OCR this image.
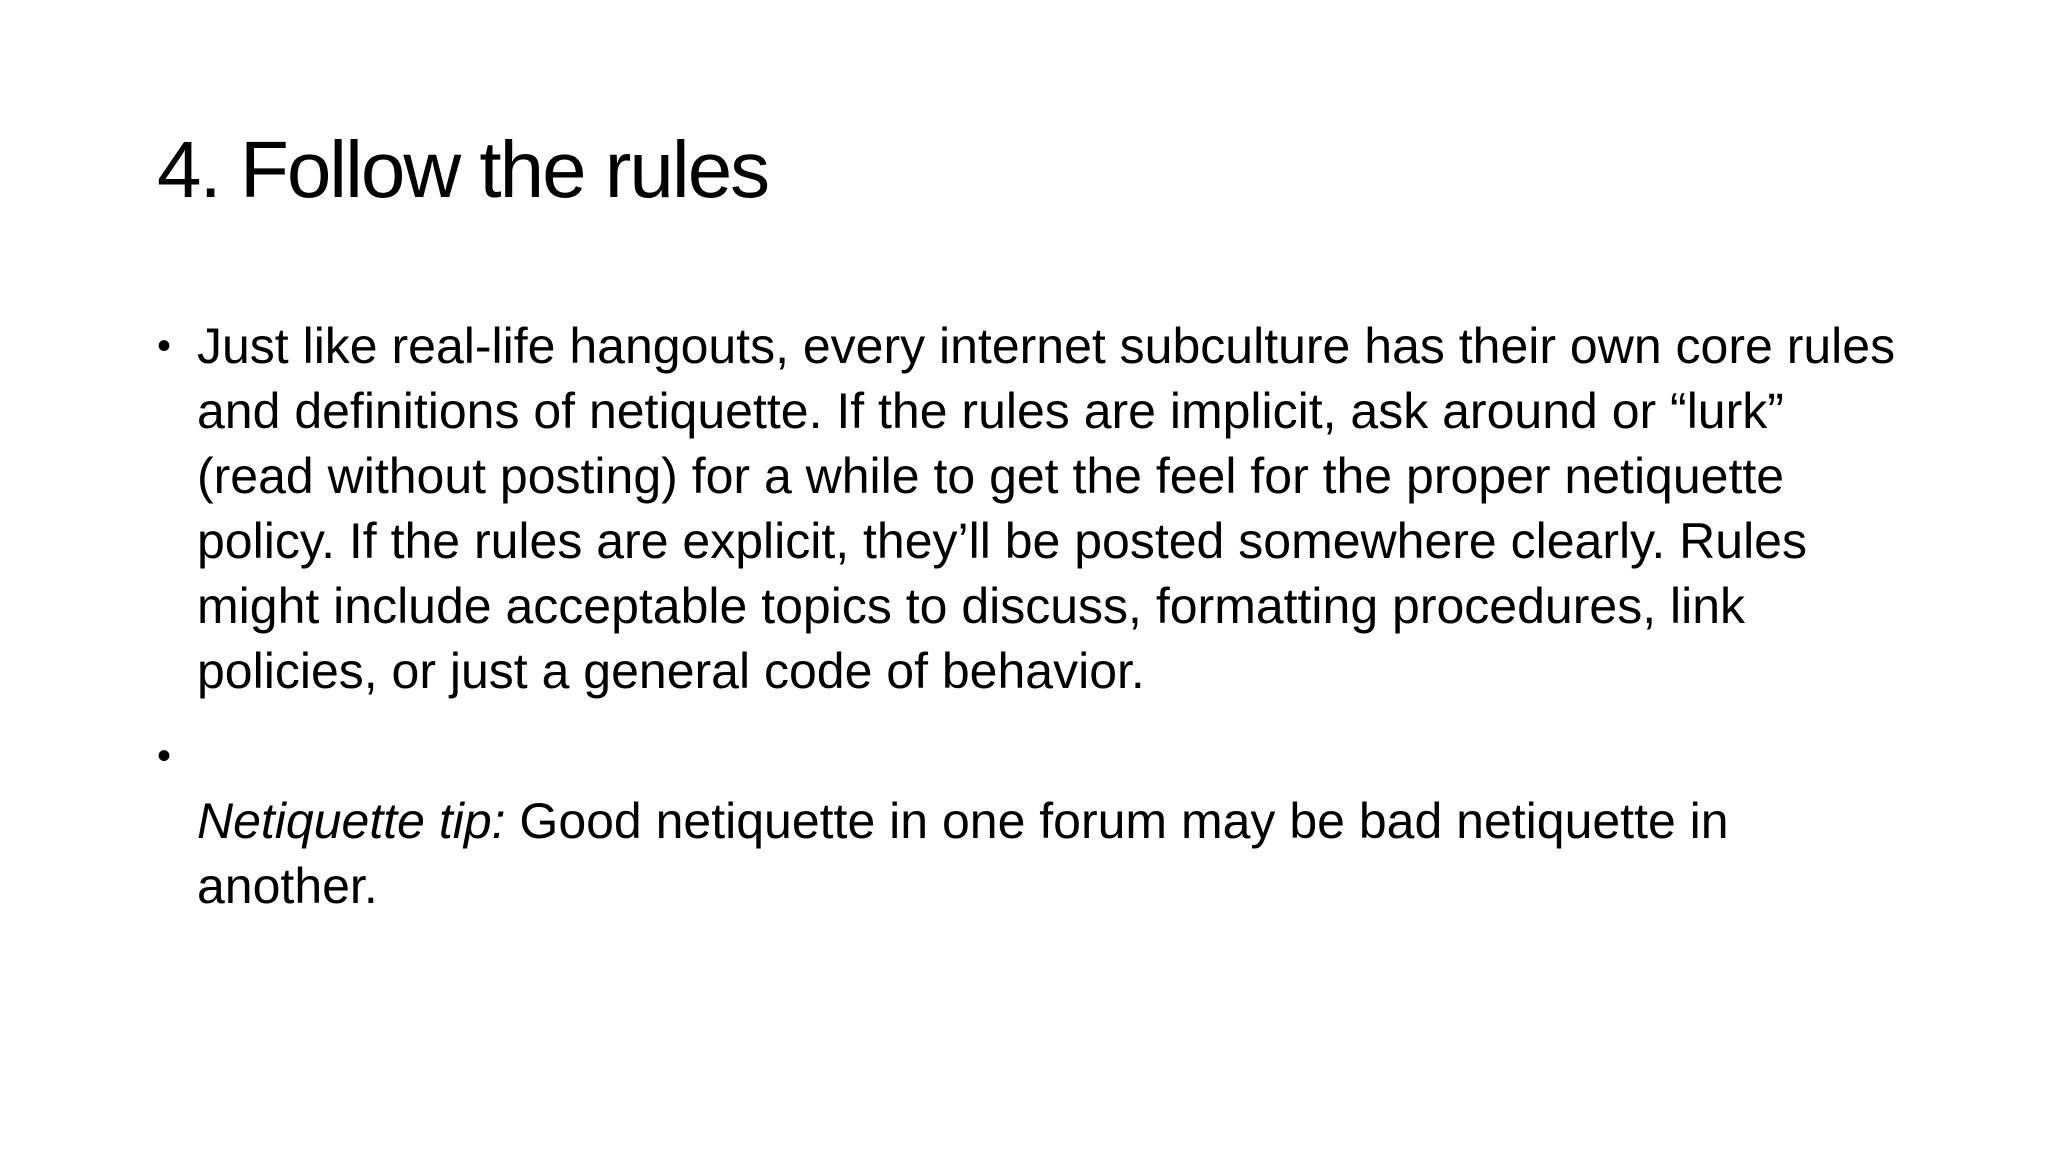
4. Follow the rules
• Just like real-life hangouts, every internet subculture has their own core rules and definitions of netiquette. If the rules are implicit, ask around or “lurk” (read without posting) for a while to get the feel for the proper netiquette policy. If the rules are explicit, they’ll be posted somewhere clearly. Rules might include acceptable topics to discuss, formatting procedures, link policies, or just a general code of behavior.
•
Netiquette tip: Good netiquette in one forum may be bad netiquette in another.
